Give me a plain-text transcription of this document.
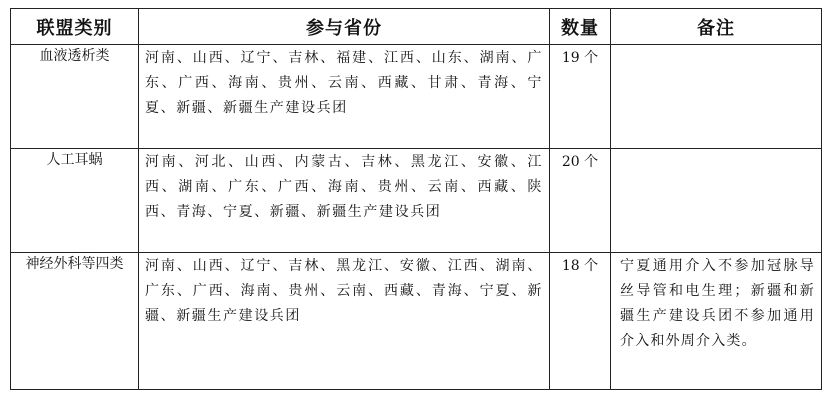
联盟类别	参与省份	数量	备注
血液透析类	河南、山西、辽宁、吉林、福建、江西、山东、湖南、广东、广西、海南、贵州、云南、西藏、甘肃、青海、宁夏、新疆、新疆生产建设兵团	19 个	
人工耳蜗	河南、河北、山西、内蒙古、吉林、黑龙江、安徽、江西、湖南、广东、广西、海南、贵州、云南、西藏、陕西、青海、宁夏、新疆、新疆生产建设兵团	20 个	
神经外科等四类	河南、山西、辽宁、吉林、黑龙江、安徽、江西、湖南、广东、广西、海南、贵州、云南、西藏、青海、宁夏、新疆、新疆生产建设兵团	18 个	宁夏通用介入不参加冠脉导丝导管和电生理；新疆和新疆生产建设兵团不参加通用介入和外周介入类。
